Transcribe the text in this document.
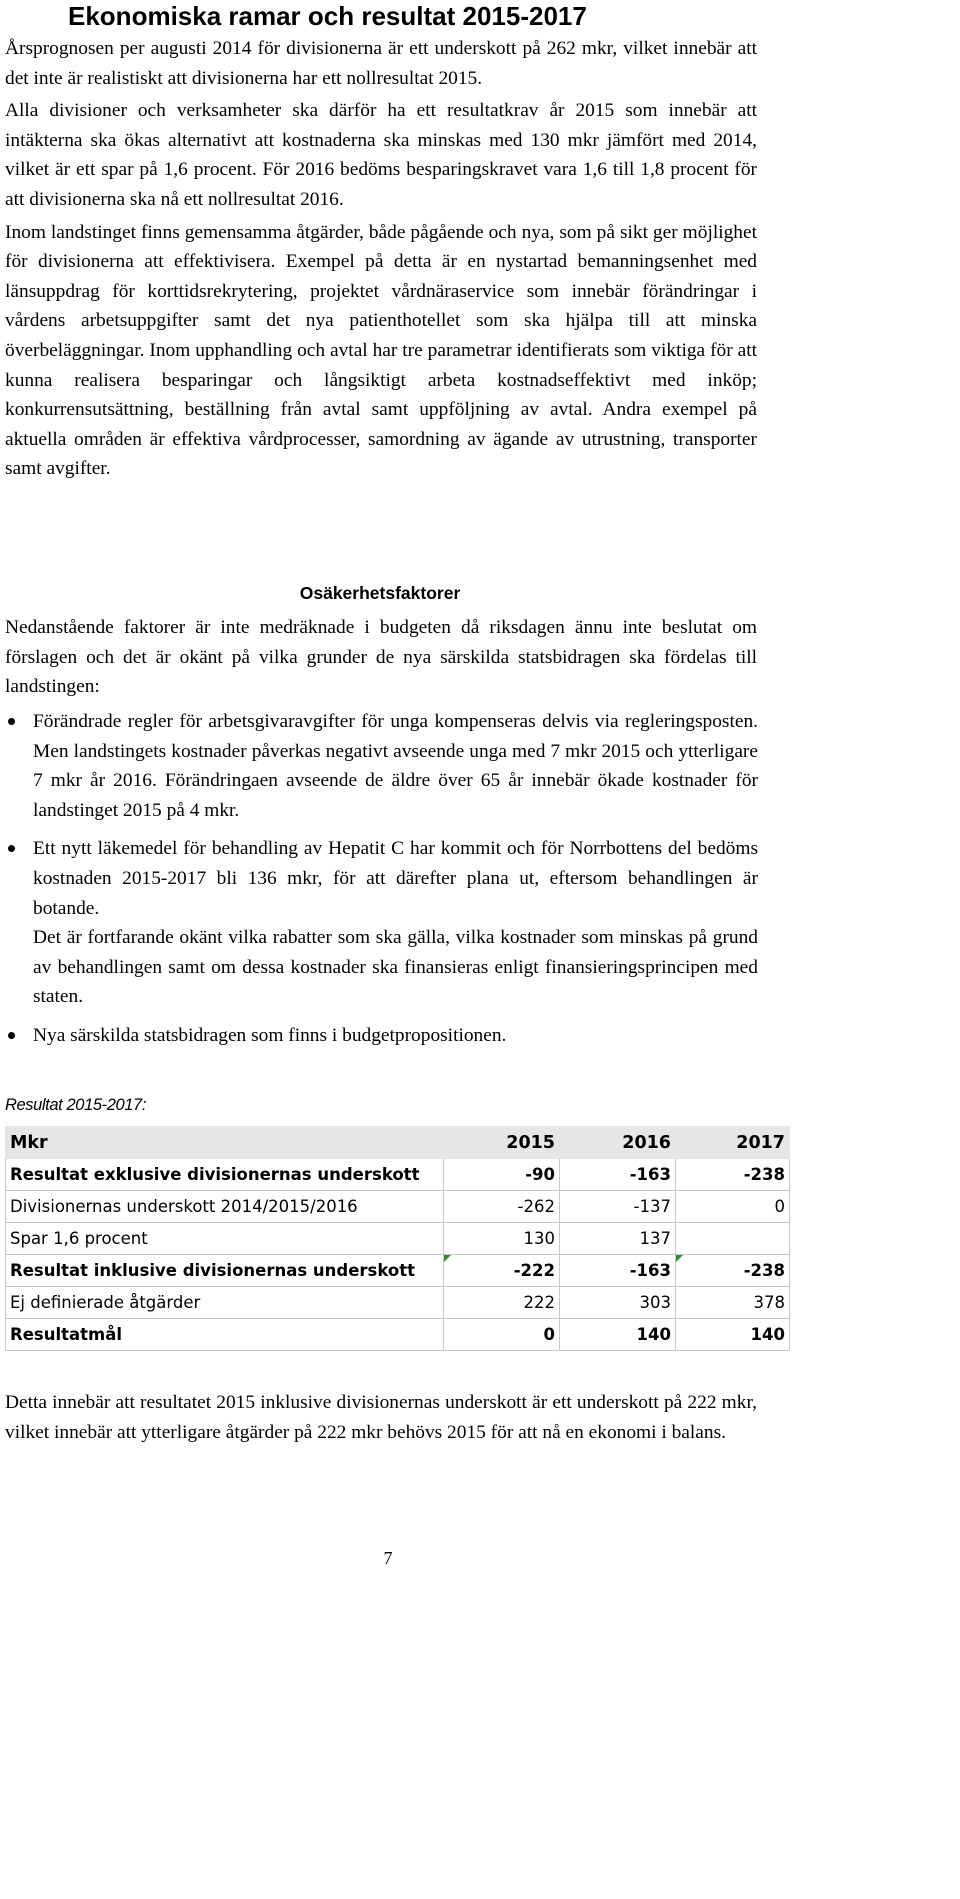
Ekonomiska ramar och resultat 2015-2017

Årsprognosen per augusti 2014 för divisionerna är ett underskott på 262 mkr, vilket innebär att det inte är realistiskt att divisionerna har ett nollresultat 2015.

Alla divisioner och verksamheter ska därför ha ett resultatkrav år 2015 som innebär att intäkterna ska ökas alternativt att kostnaderna ska minskas med 130 mkr jämfört med 2014, vilket är ett spar på 1,6 procent. För 2016 bedöms besparingskravet vara 1,6 till 1,8 procent för att divisionerna ska nå ett nollresultat 2016.

Inom landstinget finns gemensamma åtgärder, både pågående och nya, som på sikt ger möjlighet för divisionerna att effektivisera. Exempel på detta är en nystartad bemanningsenhet med länsuppdrag för korttidsrekrytering, projektet vårdnäraservice som innebär förändringar i vårdens arbetsuppgifter samt det nya patienthotellet som ska hjälpa till att minska överbeläggningar. Inom upphandling och avtal har tre parametrar identifierats som viktiga för att kunna realisera besparingar och långsiktigt arbeta kostnadseffektivt med inköp; konkurrensutsättning, beställning från avtal samt uppföljning av avtal. Andra exempel på aktuella områden är effektiva vårdprocesser, samordning av ägande av utrustning, transporter samt avgifter.

Osäkerhetsfaktorer

Nedanstående faktorer är inte medräknade i budgeten då riksdagen ännu inte beslutat om förslagen och det är okänt på vilka grunder de nya särskilda statsbidragen ska fördelas till landstingen:

Förändrade regler för arbetsgivaravgifter för unga kompenseras delvis via regleringsposten. Men landstingets kostnader påverkas negativt avseende unga med 7 mkr 2015 och ytterligare 7 mkr år 2016. Förändringaen avseende de äldre över 65 år innebär ökade kostnader för landstinget 2015 på 4 mkr.

Ett nytt läkemedel för behandling av Hepatit C har kommit och för Norrbottens del bedöms kostnaden 2015-2017 bli 136 mkr, för att därefter plana ut, eftersom behandlingen är botande.

Det är fortfarande okänt vilka rabatter som ska gälla, vilka kostnader som minskas på grund av behandlingen samt om dessa kostnader ska finansieras enligt finansieringsprincipen med staten.

Nya särskilda statsbidragen som finns i budgetpropositionen.

Resultat 2015-2017:
Mkr	2015	2016	2017
Resultat exklusive divisionernas underskott	-90	-163	-238
Divisionernas underskott 2014/2015/2016	-262	-137	0
Spar 1,6 procent	130	137	
Resultat inklusive divisionernas underskott	-222	-163	-238
Ej definierade åtgärder	222	303	378
Resultatmål	0	140	140

Detta innebär att resultatet 2015 inklusive divisionernas underskott är ett underskott på 222 mkr, vilket innebär att ytterligare åtgärder på 222 mkr behövs 2015 för att nå en ekonomi i balans.

7
